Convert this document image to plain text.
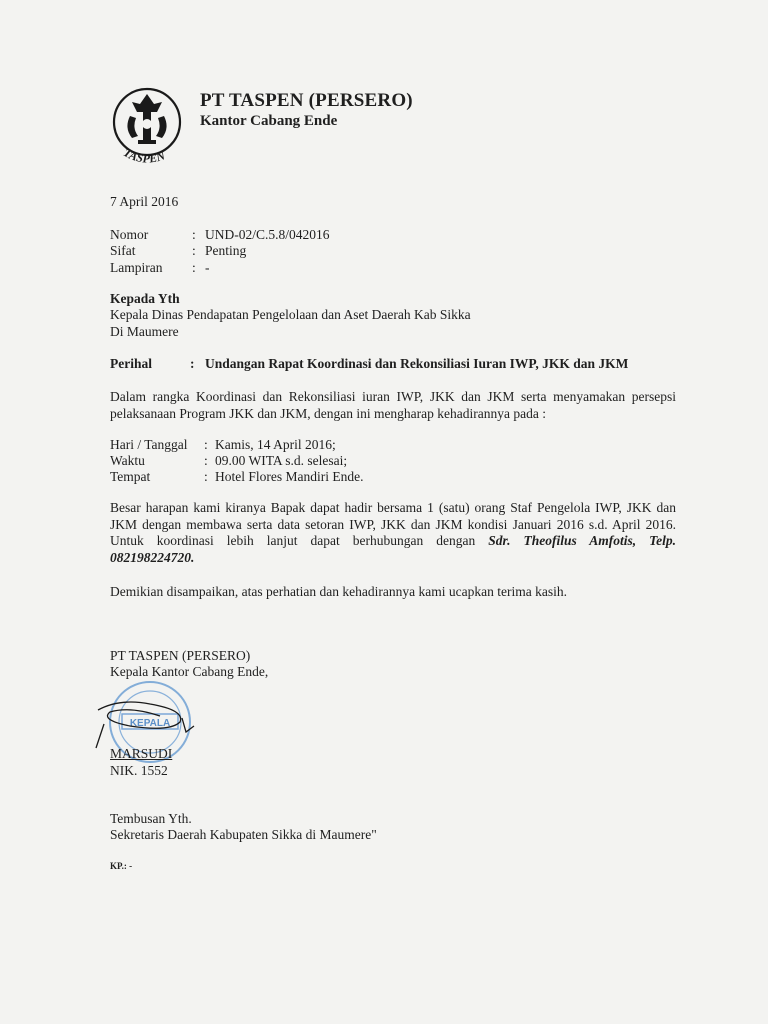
TASPEN
PT TASPEN (PERSERO)
Kantor Cabang Ende
7 April 2016
Nomor	: UND-02/C.5.8/042016
Sifat	: Penting
Lampiran : -
Kepada Yth
Kepala Dinas Pendapatan Pengelolaan dan Aset Daerah Kab Sikka
Di Maumere
Perihal	: Undangan Rapat Koordinasi dan Rekonsiliasi Iuran IWP, JKK dan JKM
Dalam rangka Koordinasi dan Rekonsiliasi iuran IWP, JKK dan JKM serta menyamakan persepsi
pelaksanaan Program JKK dan JKM, dengan ini mengharap kehadirannya pada :
Hari / Tanggal : Kamis, 14 April 2016;
Waktu	: 09.00 WITA s.d. selesai;
Tempat	: Hotel Flores Mandiri Ende.
Besar harapan kami kiranya Bapak dapat hadir bersama 1 (satu) orang Staf Pengelola IWP, JKK dan
JKM dengan membawa serta data setoran IWP, JKK dan JKM kondisi Januari 2016 s.d. April 2016.
Untuk koordinasi lebih lanjut dapat berhubungan dengan Sdr. Theofilus Amfotis, Telp.
082198224720.
Demikian disampaikan, atas perhatian dan kehadirannya kami ucapkan terima kasih.
PT TASPEN (PERSERO)
Kepala Kantor Cabang Ende,
KEPALA
MARSUDI
NIK. 1552
Tembusan Yth.
Sekretaris Daerah Kabupaten Sikka di Maumere"
KP.: -
